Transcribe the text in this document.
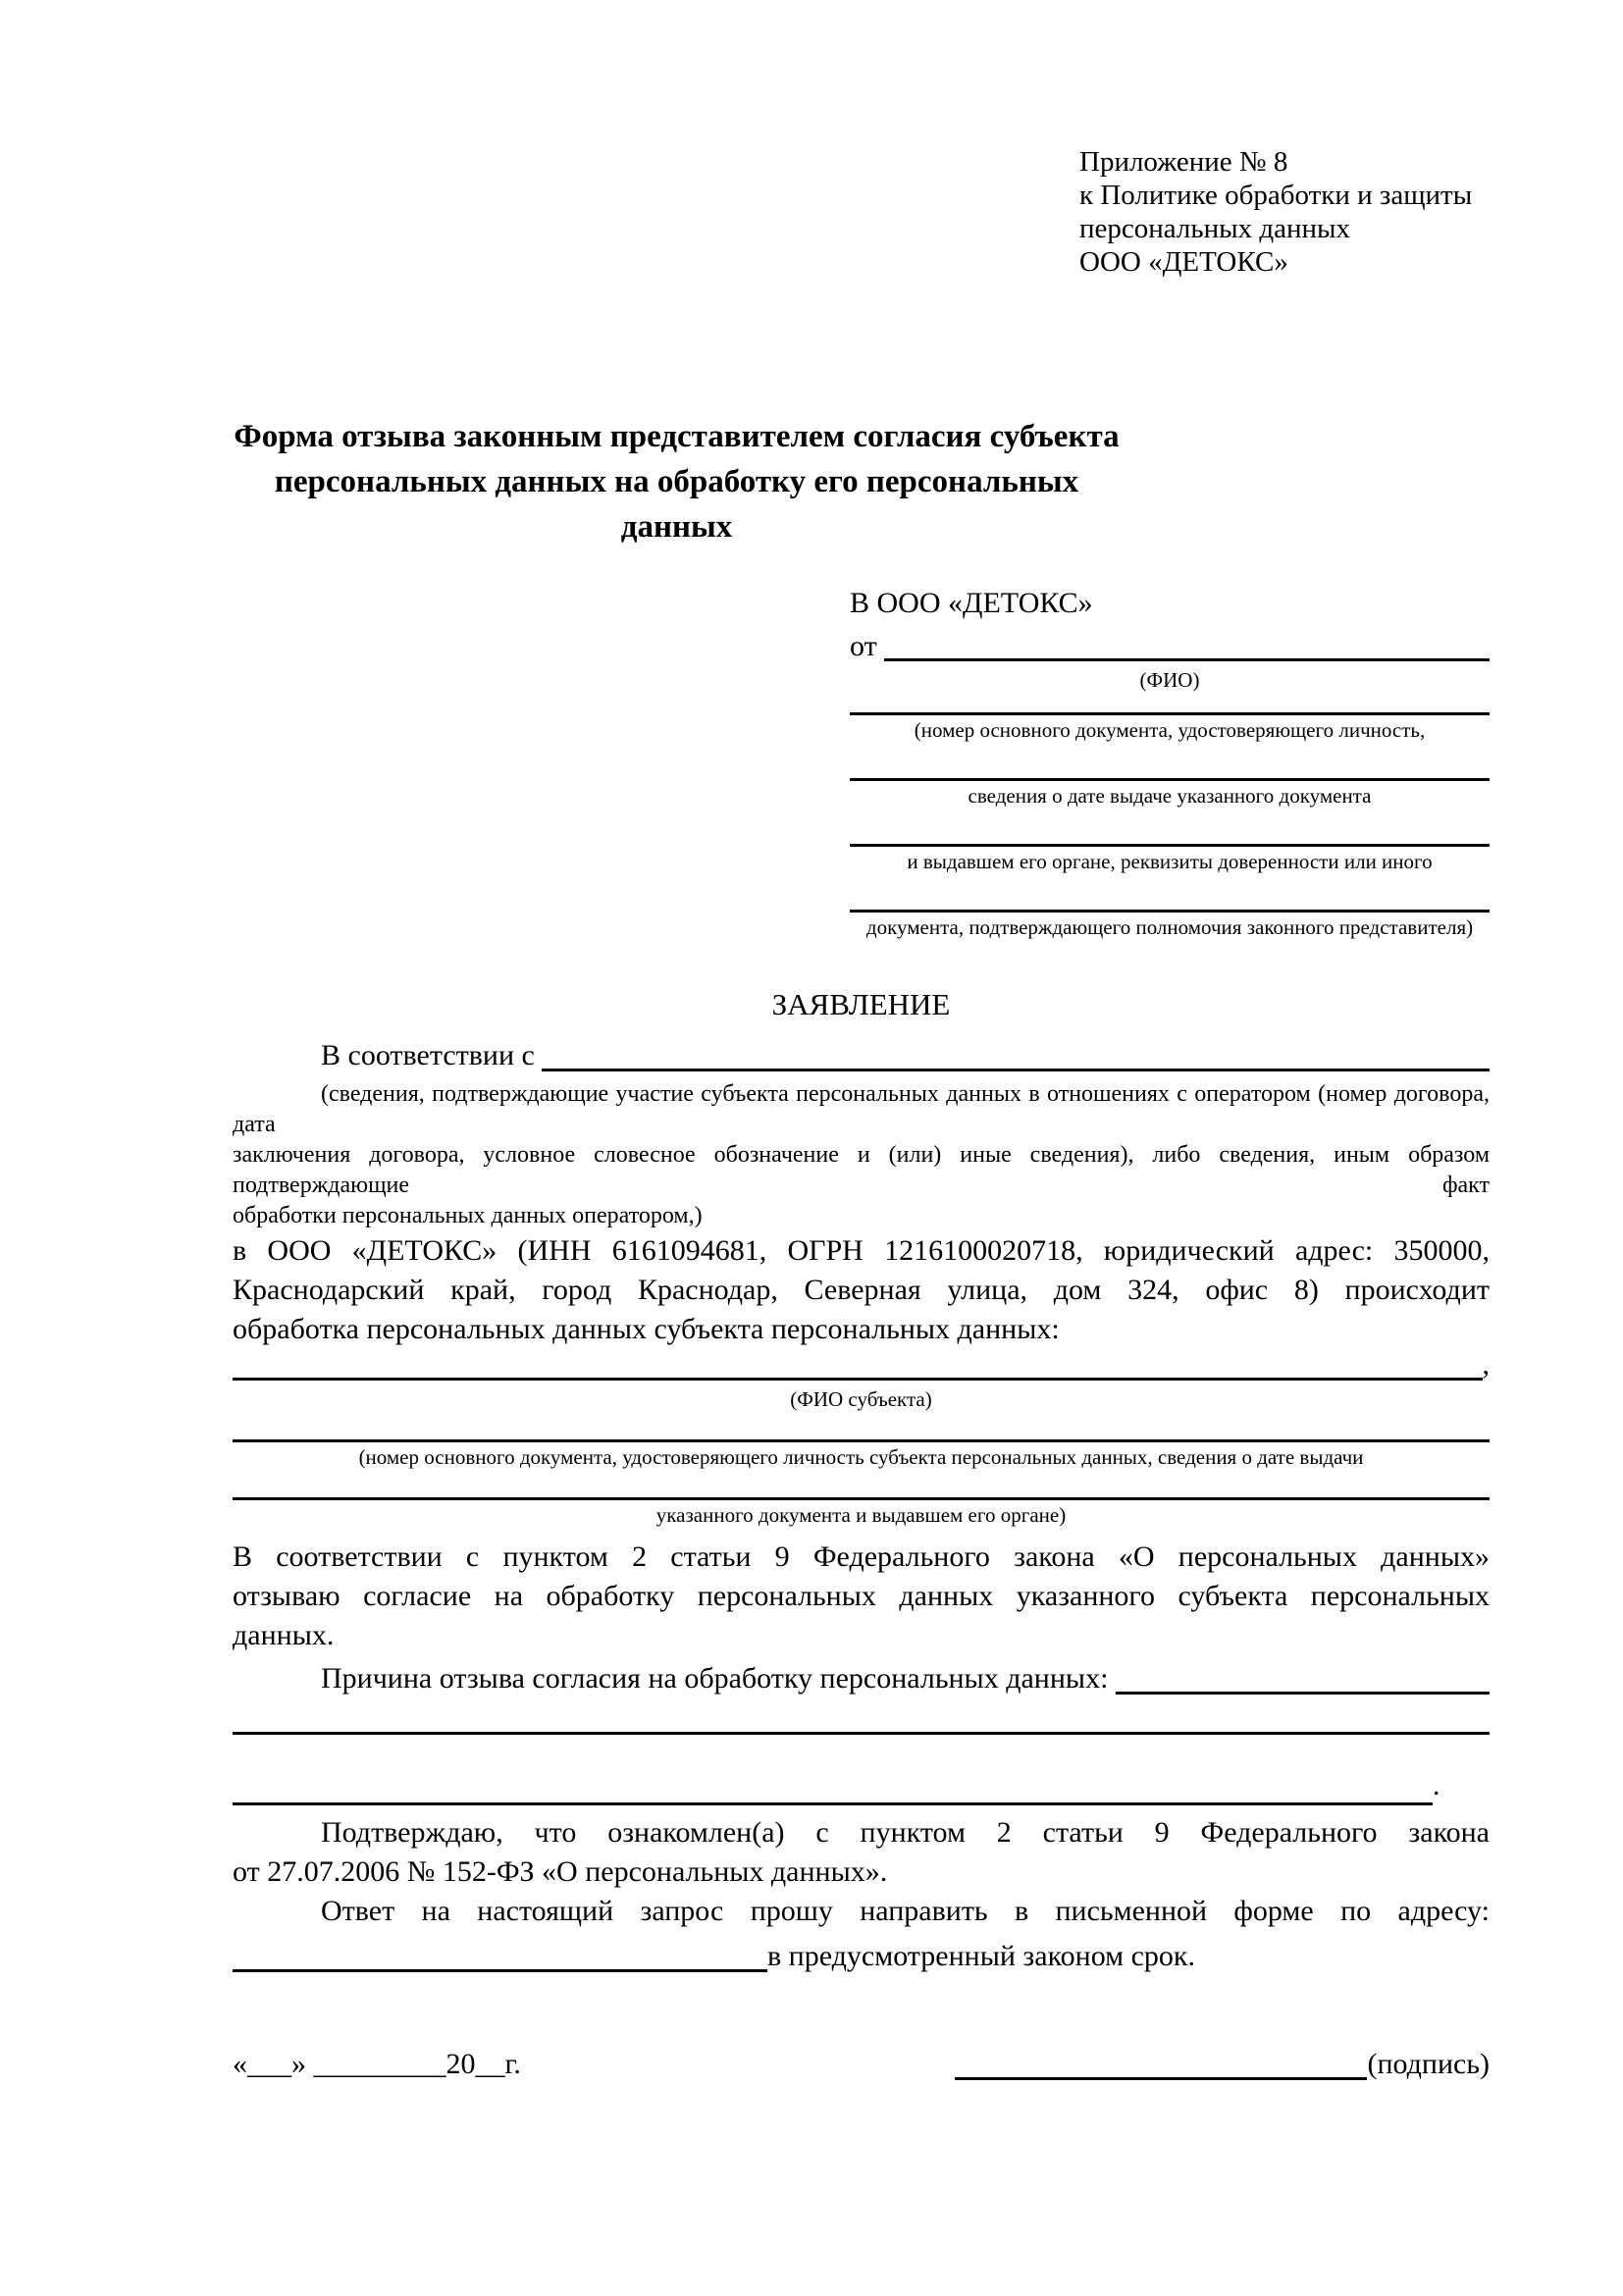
Приложение № 8
к Политике обработки и защиты
персональных данных
ООО «ДЕТОКС»
Форма отзыва законным представителем согласия субъекта персональных данных на обработку его персональных данных
В ООО «ДЕТОКС»
от
(ФИО)
(номер основного документа, удостоверяющего личность,
сведения о дате выдаче указанного документа
и выдавшем его органе, реквизиты доверенности или иного
документа, подтверждающего полномочия законного представителя)
ЗАЯВЛЕНИЕ
В соответствии с
(сведения, подтверждающие участие субъекта персональных данных в отношениях с оператором (номер договора, дата
заключения договора, условное словесное обозначение и (или) иные сведения), либо сведения, иным образом подтверждающие факт
обработки персональных данных оператором,)
в ООО «ДЕТОКС» (ИНН 6161094681, ОГРН 1216100020718, юридический адрес: 350000,
Краснодарский край, город Краснодар, Северная улица, дом 324, офис 8) происходит
обработка персональных данных субъекта персональных данных:
,
(ФИО субъекта)
(номер основного документа, удостоверяющего личность субъекта персональных данных, сведения о дате выдачи
указанного документа и выдавшем его органе)
В соответствии с пунктом 2 статьи 9 Федерального закона «О персональных данных»
отзываю согласие на обработку персональных данных указанного субъекта персональных
данных.
Причина отзыва согласия на обработку персональных данных:
.
Подтверждаю, что ознакомлен(а) с пунктом 2 статьи 9 Федерального закона
от 27.07.2006 № 152-ФЗ «О персональных данных».
Ответ на настоящий запрос прошу направить в письменной форме по адресу:
в предусмотренный законом срок.
«___» _________20__г.	(подпись)
